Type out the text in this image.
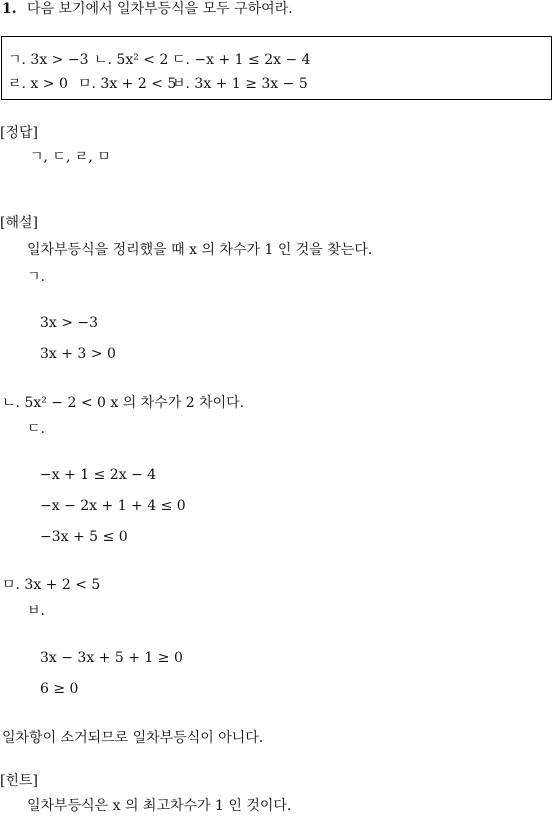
1. 다음 보기에서 일차부등식을 모두 구하여라.
ㄱ. 3x > −3 ㄴ. 5x² < 2 ㄷ. −x + 1 ≤ 2x − 4
ㄹ. x > 0 ㅁ. 3x + 2 < 5
ㅂ. 3x + 1 ≥ 3x − 5
[정답]
ㄱ, ㄷ, ㄹ, ㅁ
[해설]
일차부등식을 정리했을 때 x 의 차수가 1 인 것을 찾는다.
ㄱ.
3x > −3
3x + 3 > 0
ㄴ. 5x² − 2 < 0 x 의 차수가 2 차이다.
ㄷ.
−x + 1 ≤ 2x − 4
−x − 2x + 1 + 4 ≤ 0
−3x + 5 ≤ 0
ㅁ. 3x + 2 < 5
ㅂ.
3x − 3x + 5 + 1 ≥ 0
6 ≥ 0
일차항이 소거되므로 일차부등식이 아니다.
[힌트]
일차부등식은 x 의 최고차수가 1 인 것이다.
